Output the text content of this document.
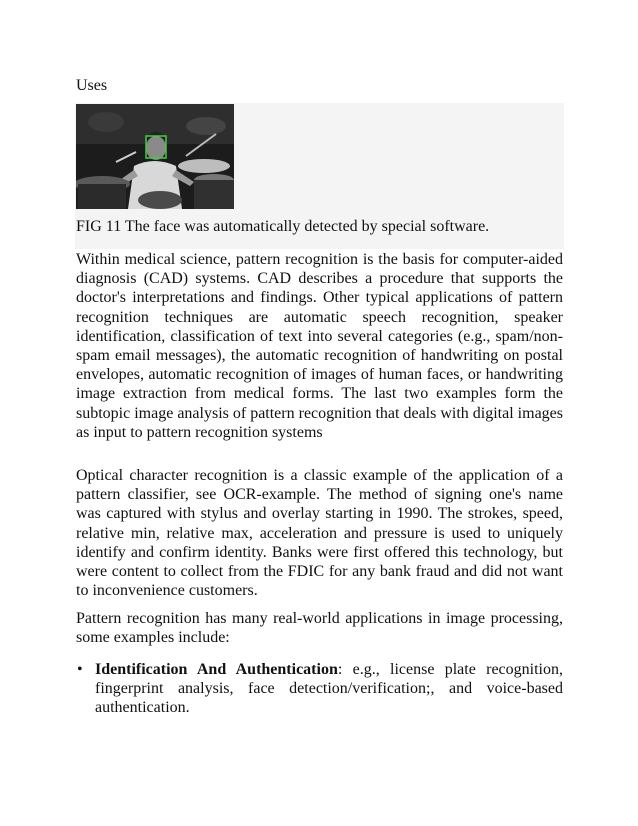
Uses
FIG 11 The face was automatically detected by special software.

Within medical science, pattern recognition is the basis for computer-aided diagnosis (CAD) systems. CAD describes a procedure that supports the doctor's interpretations and findings. Other typical applications of pattern recognition techniques are automatic speech recognition, speaker identification, classification of text into several categories (e.g., spam/non-spam email messages), the automatic recognition of handwriting on postal envelopes, automatic recognition of images of human faces, or handwriting image extraction from medical forms. The last two examples form the subtopic image analysis of pattern recognition that deals with digital images as input to pattern recognition systems

Optical character recognition is a classic example of the application of a pattern classifier, see OCR-example. The method of signing one's name was captured with stylus and overlay starting in 1990. The strokes, speed, relative min, relative max, acceleration and pressure is used to uniquely identify and confirm identity. Banks were first offered this technology, but were content to collect from the FDIC for any bank fraud and did not want to inconvenience customers.

Pattern recognition has many real-world applications in image processing, some examples include:

• Identification And Authentication: e.g., license plate recognition, fingerprint analysis, face detection/verification;, and voice-based authentication.
